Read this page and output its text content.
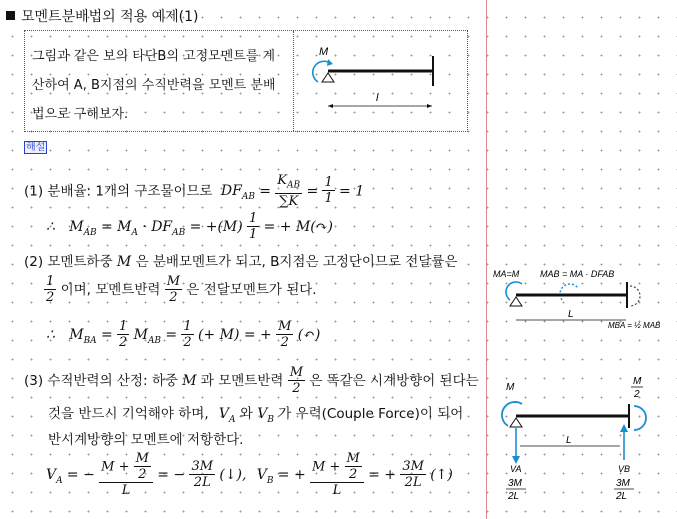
모멘트분배법의 적용 예제(1)
그림과 같은 보의 타단B의 고정모멘트를 계산하여 A, B지점의 수직반력을 모멘트 분배법으로 구해보자.
M
l
해설
(1) 분배율: 1개의 구조물이므로 $DF_{AB} = \frac{K_{AB}}{\sum K} = \frac{1}{1} = 1$
∴ $M_{AB} = M_A \cdot DF_{AB} = +(M) \frac{1}{1}$ = + M(↷)
(2) 모멘트하중 M 은 분배모멘트가 되고, B지점은 고정단이므로 전달률은
$\frac{1}{2}$ 이며, 모멘트반력 $\frac{M}{2}$ 은 전달모멘트가 된다.
∴ $M_{BA} = \frac{1}{2} M_{AB} = \frac{1}{2}$ (+ M) = + $\frac{M}{2}$ (↶)
(3) 수직반력의 산정: 하중 M 과 모멘트반력 $\frac{M}{2}$ 은 똑같은 시계방향이 된다는
것을 반드시 기억해야 하며, $V_A$ 와 $V_B$ 가 우력(Couple Force)이 되어
반시계방향의 모멘트에 저항한다.
$V_A$ = − $\frac{M + \frac{M}{2}}{L}$ = − $\frac{3M}{2L}$ (↓), $V_B$ = + $\frac{M + \frac{M}{2}}{L}$ = + $\frac{3M}{2L}$ (↑)
MA=M MAB = MA · DFAB
L
MBA = ½ MAB
M
M
2
L
VA	VB
3M
2L
3M
2L
